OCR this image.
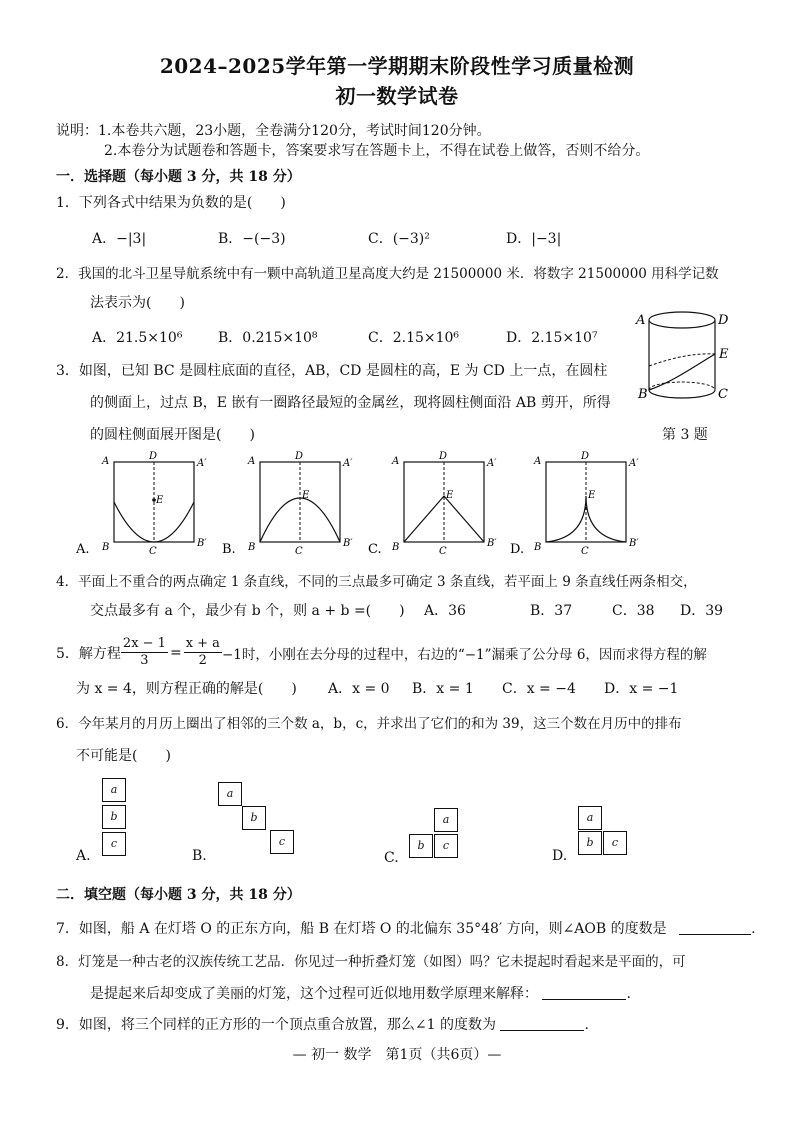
2024–2025学年第一学期期末阶段性学习质量检测
初一数学试卷
说明：1.本卷共六题，23小题，全卷满分120分，考试时间120分钟。
2.本卷分为试题卷和答题卡，答案要求写在答题卡上，不得在试卷上做答，否则不给分。
一．选择题（每小题 3 分，共 18 分）
1．下列各式中结果为负数的是(　　)
A．−|3|	B．−(−3)	C．(−3)²	D．|−3|
2．我国的北斗卫星导航系统中有一颗中高轨道卫星高度大约是 21500000 米．将数字 21500000 用科学记数
法表示为(　　)
A．21.5×10⁶	B．0.215×10⁸	C．2.15×10⁶	D．2.15×10⁷
A	D
E
B	C
第 3 题
3．如图，已知 BC 是圆柱底面的直径，AB，CD 是圆柱的高，E 为 CD 上一点，在圆柱
的侧面上，过点 B，E 嵌有一圈路径最短的金属丝，现将圆柱侧面沿 AB 剪开，所得
的圆柱侧面展开图是(　　)
E
A	D
A′
B	C
B′
A.
E
A	D
A′
B	C
B′
B.
E
A	D
A′
B	C
B′
C.
E
A	D
A′
B	C
B′
D.
4．平面上不重合的两点确定 1 条直线，不同的三点最多可确定 3 条直线，若平面上 9 条直线任两条相交，
交点最多有 a 个，最少有 b 个，则 a + b =(　　) A．36	B．37	C．38 D．39
5．解方程 $\frac{2x - 1}{3} = \frac{x + a}{2} -1$时，小刚在去分母的过程中，右边的“−1”漏乘了公分母 6，因而求得方程的解
为 x = 4，则方程正确的解是(　　) A．x = 0 B．x = 1 C．x = −4 D．x = −1
6．今年某月的月历上圈出了相邻的三个数 a，b，c，并求出了它们的和为 39，这三个数在月历中的排布
不可能是(　　)
A.
a
b
c
B.
a
b
c
C.
a
b	c
D.
a
b	c
二．填空题（每小题 3 分，共 18 分）
7．如图，船 A 在灯塔 O 的正东方向，船 B 在灯塔 O 的北偏东 35°48′ 方向，则∠AOB 的度数是	.
8．灯笼是一种古老的汉族传统工艺品．你见过一种折叠灯笼（如图）吗？它未提起时看起来是平面的，可
是提起来后却变成了美丽的灯笼，这个过程可近似地用数学原理来解释：	.
9．如图，将三个同样的正方形的一个顶点重合放置，那么∠1 的度数为	.
— 初一 数学　第1页（共6页）—
